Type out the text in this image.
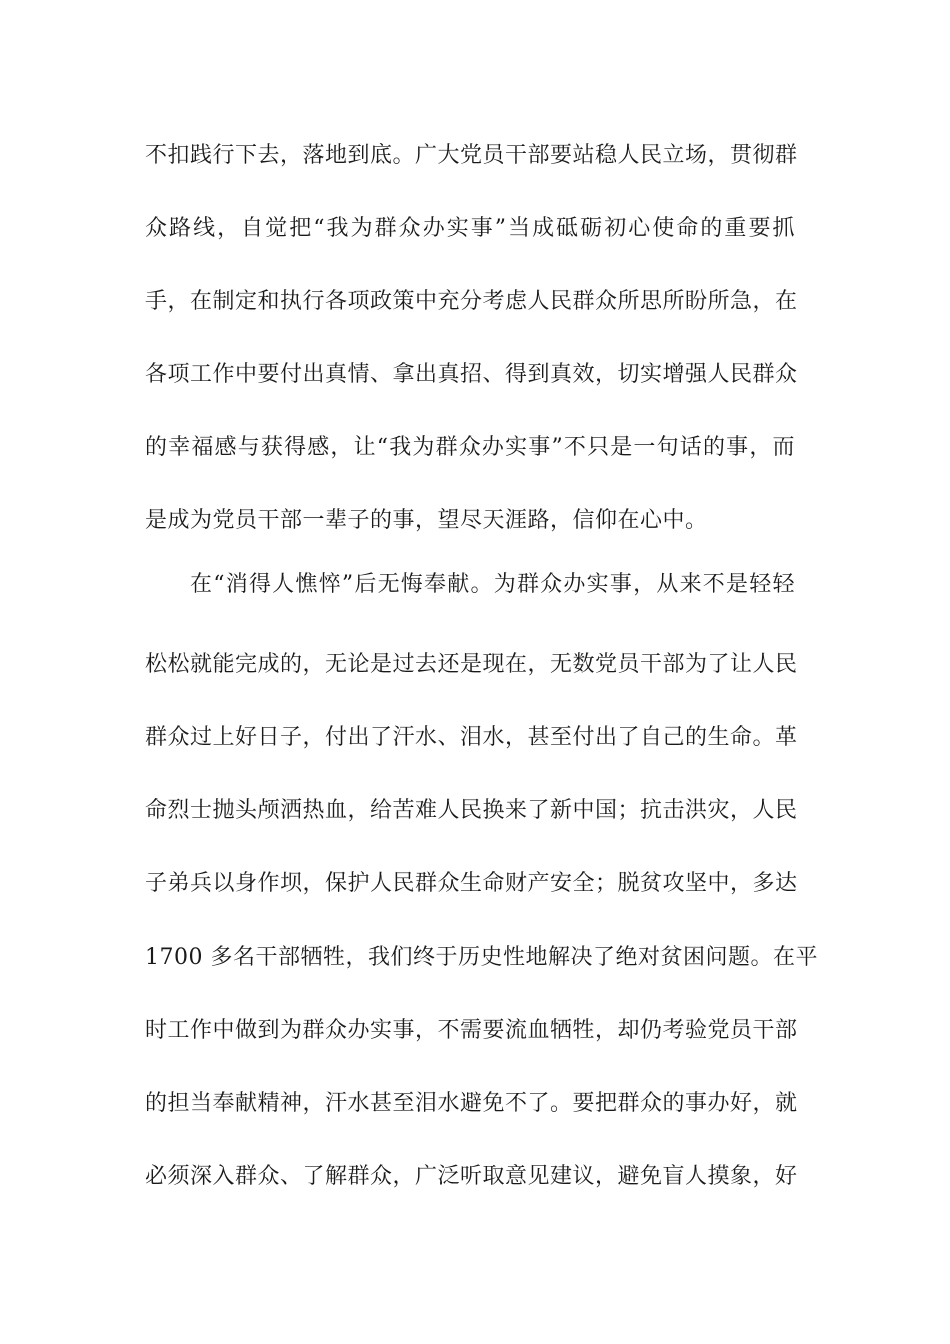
不扣践行下去，落地到底。广大党员干部要站稳人民立场，贯彻群
众路线，自觉把“我为群众办实事”当成砥砺初心使命的重要抓
手，在制定和执行各项政策中充分考虑人民群众所思所盼所急，在
各项工作中要付出真情、拿出真招、得到真效，切实增强人民群众
的幸福感与获得感，让“我为群众办实事”不只是一句话的事，而
是成为党员干部一辈子的事，望尽天涯路，信仰在心中。
在“消得人憔悴”后无悔奉献。为群众办实事，从来不是轻轻
松松就能完成的，无论是过去还是现在，无数党员干部为了让人民
群众过上好日子，付出了汗水、泪水，甚至付出了自己的生命。革
命烈士抛头颅洒热血，给苦难人民换来了新中国；抗击洪灾，人民
子弟兵以身作坝，保护人民群众生命财产安全；脱贫攻坚中，多达
1700 多名干部牺牲，我们终于历史性地解决了绝对贫困问题。在平
时工作中做到为群众办实事，不需要流血牺牲，却仍考验党员干部
的担当奉献精神，汗水甚至泪水避免不了。要把群众的事办好，就
必须深入群众、了解群众，广泛听取意见建议，避免盲人摸象，好
